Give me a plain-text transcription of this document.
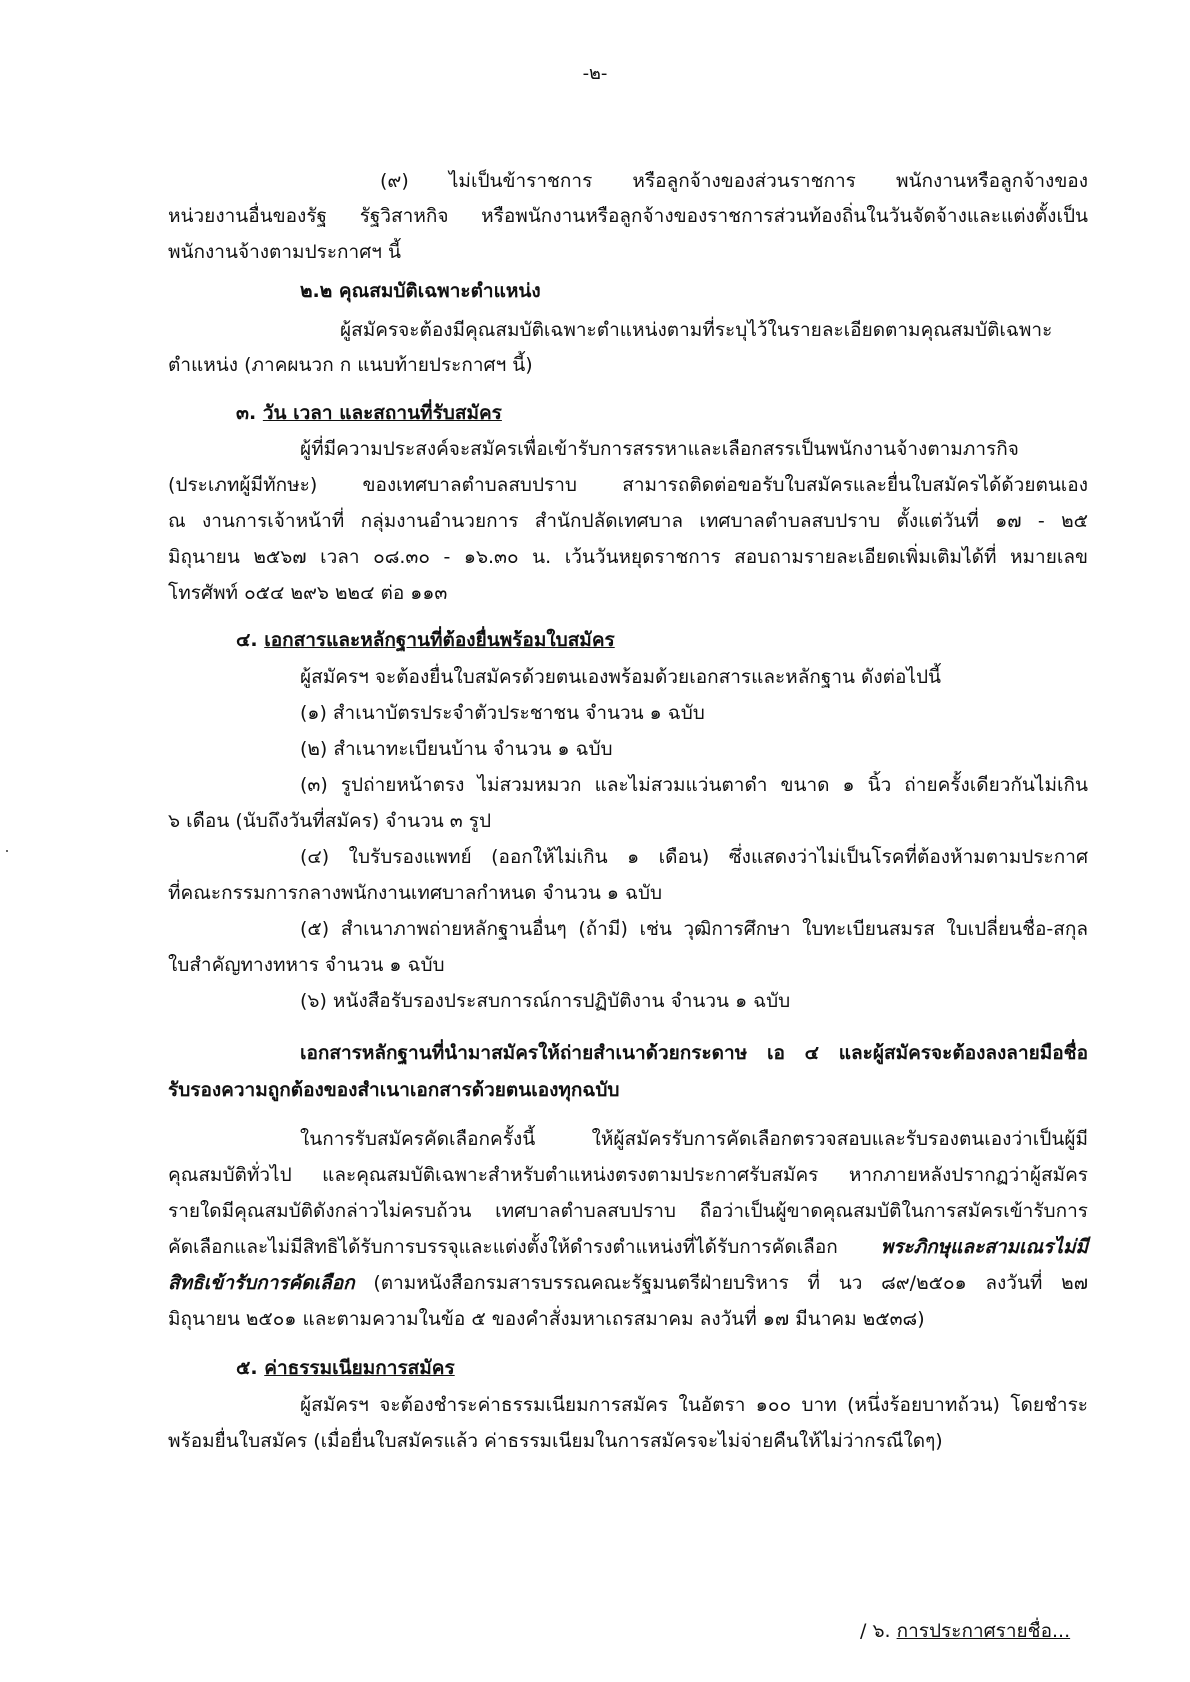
-๒-
(๙) ไม่เป็นข้าราชการ หรือลูกจ้างของส่วนราชการ พนักงานหรือลูกจ้างของ
หน่วยงานอื่นของรัฐ รัฐวิสาหกิจ หรือพนักงานหรือลูกจ้างของราชการส่วนท้องถิ่นในวันจัดจ้างและแต่งตั้งเป็น
พนักงานจ้างตามประกาศฯ นี้
๒.๒ คุณสมบัติเฉพาะตำแหน่ง
ผู้สมัครจะต้องมีคุณสมบัติเฉพาะตำแหน่งตามที่ระบุไว้ในรายละเอียดตามคุณสมบัติเฉพาะ
ตำแหน่ง (ภาคผนวก ก แนบท้ายประกาศฯ นี้)
๓. วัน เวลา และสถานที่รับสมัคร
ผู้ที่มีความประสงค์จะสมัครเพื่อเข้ารับการสรรหาและเลือกสรรเป็นพนักงานจ้างตามภารกิจ
(ประเภทผู้มีทักษะ) ของเทศบาลตำบลสบปราบ สามารถติดต่อขอรับใบสมัครและยื่นใบสมัครได้ด้วยตนเอง
ณ งานการเจ้าหน้าที่ กลุ่มงานอำนวยการ สำนักปลัดเทศบาล เทศบาลตำบลสบปราบ ตั้งแต่วันที่ ๑๗ - ๒๕
มิถุนายน ๒๕๖๗ เวลา ๐๘.๓๐ - ๑๖.๓๐ น. เว้นวันหยุดราชการ สอบถามรายละเอียดเพิ่มเติมได้ที่ หมายเลข
โทรศัพท์ ๐๕๔ ๒๙๖ ๒๒๔ ต่อ ๑๑๓
๔. เอกสารและหลักฐานที่ต้องยื่นพร้อมใบสมัคร
ผู้สมัครฯ จะต้องยื่นใบสมัครด้วยตนเองพร้อมด้วยเอกสารและหลักฐาน ดังต่อไปนี้
(๑) สำเนาบัตรประจำตัวประชาชน จำนวน ๑ ฉบับ
(๒) สำเนาทะเบียนบ้าน จำนวน ๑ ฉบับ
(๓) รูปถ่ายหน้าตรง ไม่สวมหมวก และไม่สวมแว่นตาดำ ขนาด ๑ นิ้ว ถ่ายครั้งเดียวกันไม่เกิน
๖ เดือน (นับถึงวันที่สมัคร) จำนวน ๓ รูป
(๔) ใบรับรองแพทย์ (ออกให้ไม่เกิน ๑ เดือน) ซึ่งแสดงว่าไม่เป็นโรคที่ต้องห้ามตามประกาศ
ที่คณะกรรมการกลางพนักงานเทศบาลกำหนด จำนวน ๑ ฉบับ
(๕) สำเนาภาพถ่ายหลักฐานอื่นๆ (ถ้ามี) เช่น วุฒิการศึกษา ใบทะเบียนสมรส ใบเปลี่ยนชื่อ-สกุล
ใบสำคัญทางทหาร จำนวน ๑ ฉบับ
(๖) หนังสือรับรองประสบการณ์การปฏิบัติงาน จำนวน ๑ ฉบับ
เอกสารหลักฐานที่นำมาสมัครให้ถ่ายสำเนาด้วยกระดาษ เอ ๔ และผู้สมัครจะต้องลงลายมือชื่อ
รับรองความถูกต้องของสำเนาเอกสารด้วยตนเองทุกฉบับ
ในการรับสมัครคัดเลือกครั้งนี้ ให้ผู้สมัครรับการคัดเลือกตรวจสอบและรับรองตนเองว่าเป็นผู้มี
คุณสมบัติทั่วไป และคุณสมบัติเฉพาะสำหรับตำแหน่งตรงตามประกาศรับสมัคร หากภายหลังปรากฏว่าผู้สมัคร
รายใดมีคุณสมบัติดังกล่าวไม่ครบถ้วน เทศบาลตำบลสบปราบ ถือว่าเป็นผู้ขาดคุณสมบัติในการสมัครเข้ารับการ
คัดเลือกและไม่มีสิทธิได้รับการบรรจุและแต่งตั้งให้ดำรงตำแหน่งที่ได้รับการคัดเลือก พระภิกษุและสามเณรไม่มี
สิทธิเข้ารับการคัดเลือก (ตามหนังสือกรมสารบรรณคณะรัฐมนตรีฝ่ายบริหาร ที่ นว ๘๙/๒๕๐๑ ลงวันที่ ๒๗
มิถุนายน ๒๕๐๑ และตามความในข้อ ๕ ของคำสั่งมหาเถรสมาคม ลงวันที่ ๑๗ มีนาคม ๒๕๓๘)
๕. ค่าธรรมเนียมการสมัคร
ผู้สมัครฯ จะต้องชำระค่าธรรมเนียมการสมัคร ในอัตรา ๑๐๐ บาท (หนึ่งร้อยบาทถ้วน) โดยชำระ
พร้อมยื่นใบสมัคร (เมื่อยื่นใบสมัครแล้ว ค่าธรรมเนียมในการสมัครจะไม่จ่ายคืนให้ไม่ว่ากรณีใดๆ)
/ ๖. การประกาศรายชื่อ...
